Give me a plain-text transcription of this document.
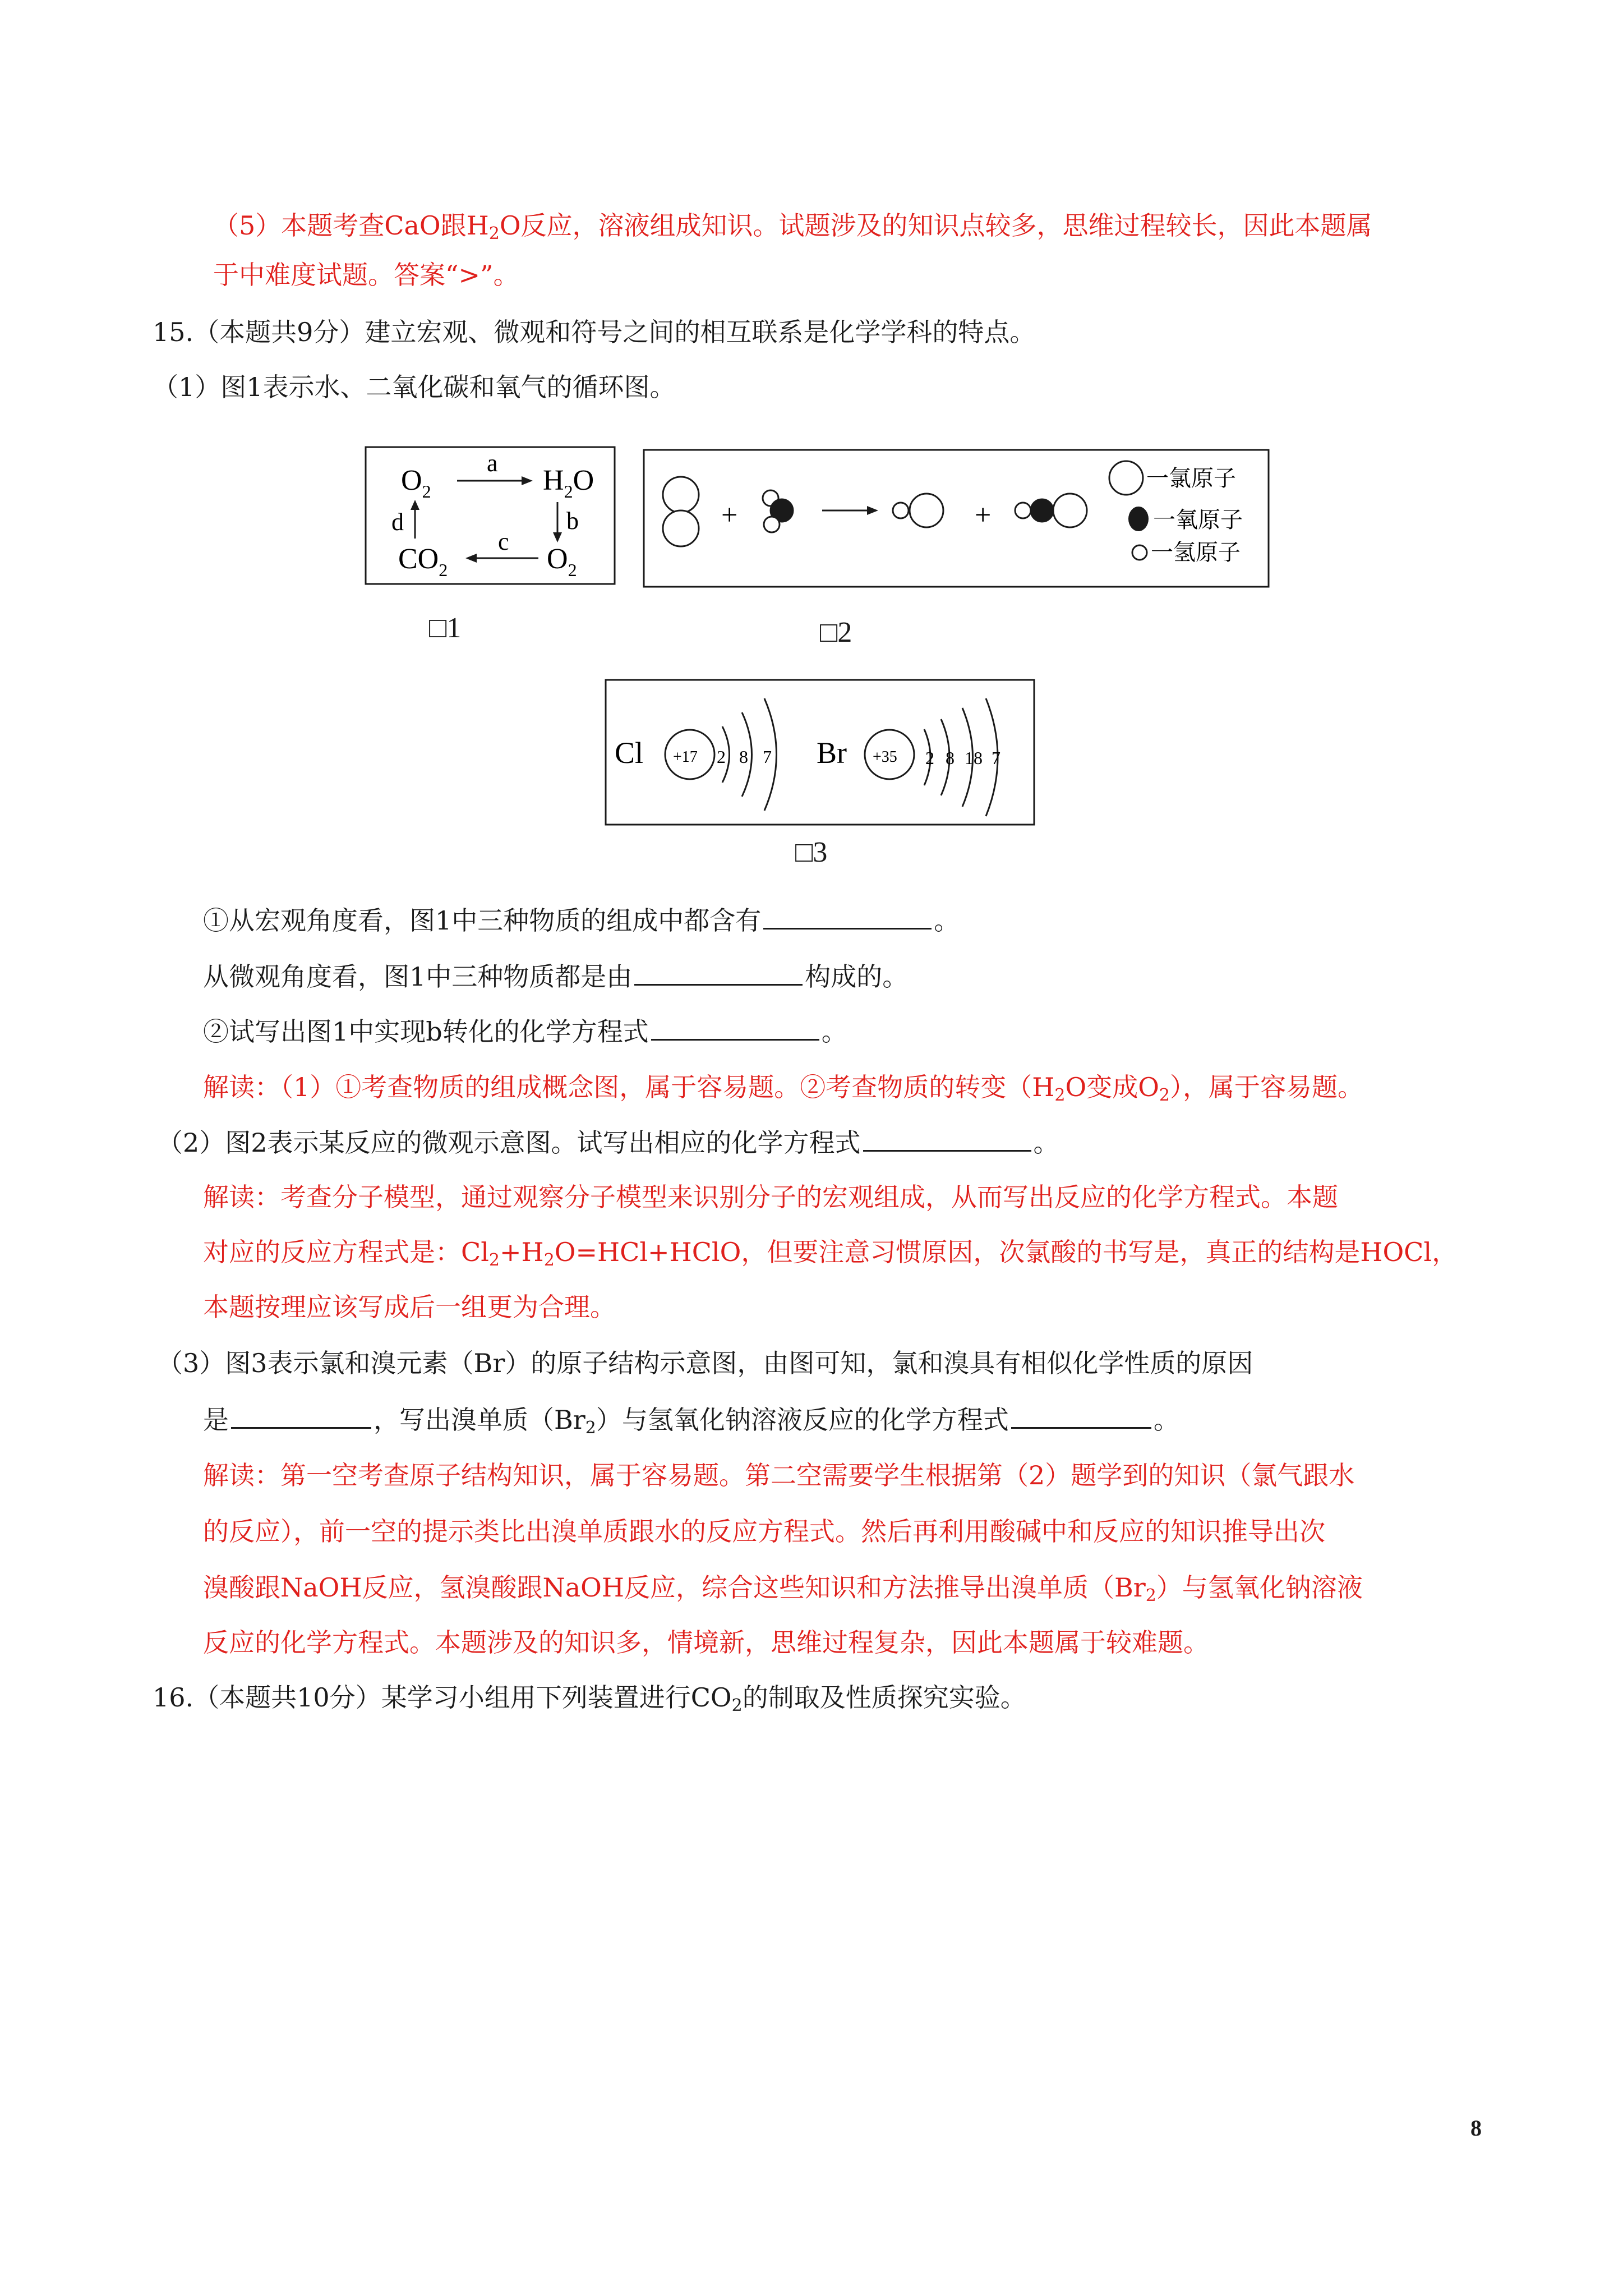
（5）本题考查CaO跟$H_2O$反应，溶液组成知识。试题涉及的知识点较多，思维过程较长，因此本题属
于中难度试题。答案“>”。
15.（本题共9分）建立宏观、微观和符号之间的相互联系是化学学科的特点。
（1）图1表示水、二氧化碳和氧气的循环图。
$O_2$	$H_2O$
$CO_2$	$O_2$
a
b
c
d
□1
+	+
一氯原子
一氧原子
一氢原子
□2
Cl +17 2 8 7 Br +35 2 8 18 7
□3
①从宏观角度看，图1中三种物质的组成中都含有	。
从微观角度看，图1中三种物质都是由	构成的。
②试写出图1中实现b转化的化学方程式	。
解读：（1）①考查物质的组成概念图，属于容易题。②考查物质的转变（$H_2O$变成$O_2$），属于容易题。
（2）图2表示某反应的微观示意图。试写出相应的化学方程式	。
解读：考查分子模型，通过观察分子模型来识别分子的宏观组成，从而写出反应的化学方程式。本题
对应的反应方程式是：$Cl_2+H_2O=HCl+HClO$，但要注意习惯原因，次氯酸的书写是，真正的结构是HOCl，
本题按理应该写成后一组更为合理。
（3）图3表示氯和溴元素（Br）的原子结构示意图，由图可知，氯和溴具有相似化学性质的原因
是	，写出溴单质$(Br_2)$与氢氧化钠溶液反应的化学方程式	。
解读：第一空考查原子结构知识，属于容易题。第二空需要学生根据第（2）题学到的知识（氯气跟水
的反应），前一空的提示类比出溴单质跟水的反应方程式。然后再利用酸碱中和反应的知识推导出次
溴酸跟NaOH反应，氢溴酸跟NaOH反应，综合这些知识和方法推导出溴单质$(Br_2)$与氢氧化钠溶液
反应的化学方程式。本题涉及的知识多，情境新，思维过程复杂，因此本题属于较难题。
16.（本题共10分）某学习小组用下列装置进行$CO_2$的制取及性质探究实验。
8
